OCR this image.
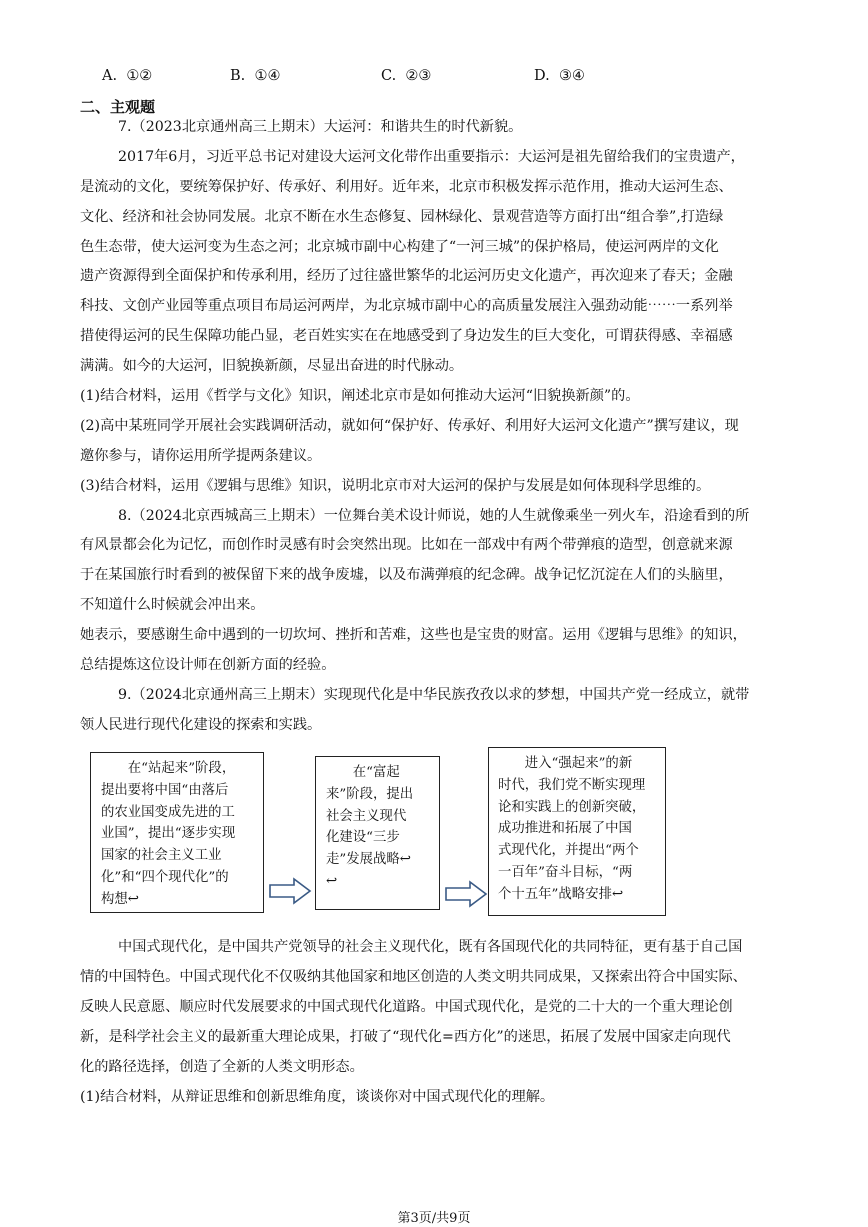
A. ①②	B. ①④	C. ②③	D. ③④
二、主观题
7.（2023北京通州高三上期末）大运河：和谐共生的时代新貌。
2017年6月，习近平总书记对建设大运河文化带作出重要指示：大运河是祖先留给我们的宝贵遗产，
是流动的文化，要统筹保护好、传承好、利用好。近年来，北京市积极发挥示范作用，推动大运河生态、
文化、经济和社会协同发展。北京不断在水生态修复、园林绿化、景观营造等方面打出“组合拳”,打造绿
色生态带，使大运河变为生态之河；北京城市副中心构建了“一河三城”的保护格局，使运河两岸的文化
遗产资源得到全面保护和传承利用，经历了过往盛世繁华的北运河历史文化遗产，再次迎来了春天；金融
科技、文创产业园等重点项目布局运河两岸，为北京城市副中心的高质量发展注入强劲动能⋯⋯一系列举
措使得运河的民生保障功能凸显，老百姓实实在在地感受到了身边发生的巨大变化，可谓获得感、幸福感
满满。如今的大运河，旧貌换新颜，尽显出奋进的时代脉动。
(1)结合材料，运用《哲学与文化》知识，阐述北京市是如何推动大运河“旧貌换新颜”的。
(2)高中某班同学开展社会实践调研活动，就如何“保护好、传承好、利用好大运河文化遗产”撰写建议，现
邀你参与，请你运用所学提两条建议。
(3)结合材料，运用《逻辑与思维》知识，说明北京市对大运河的保护与发展是如何体现科学思维的。
8.（2024北京西城高三上期末）一位舞台美术设计师说，她的人生就像乘坐一列火车，沿途看到的所
有风景都会化为记忆，而创作时灵感有时会突然出现。比如在一部戏中有两个带弹痕的造型，创意就来源
于在某国旅行时看到的被保留下来的战争废墟，以及布满弹痕的纪念碑。战争记忆沉淀在人们的头脑里，
不知道什么时候就会冲出来。
她表示，要感谢生命中遇到的一切坎坷、挫折和苦难，这些也是宝贵的财富。运用《逻辑与思维》的知识，
总结提炼这位设计师在创新方面的经验。
9.（2024北京通州高三上期末）实现现代化是中华民族孜孜以求的梦想，中国共产党一经成立，就带
领人民进行现代化建设的探索和实践。
　　在“站起来”阶段，
提出要将中国“由落后
的农业国变成先进的工
业国”，提出“逐步实现
国家的社会主义工业
化”和“四个现代化”的
构想↩
　　在“富起
来”阶段，提出
社会主义现代
化建设“三步
走”发展战略↩
↩
　　进入“强起来”的新
时代，我们党不断实现理
论和实践上的创新突破，
成功推进和拓展了中国
式现代化，并提出“两个
一百年”奋斗目标，“两
个十五年”战略安排↩
中国式现代化，是中国共产党领导的社会主义现代化，既有各国现代化的共同特征，更有基于自己国
情的中国特色。中国式现代化不仅吸纳其他国家和地区创造的人类文明共同成果，又探索出符合中国实际、
反映人民意愿、顺应时代发展要求的中国式现代化道路。中国式现代化，是党的二十大的一个重大理论创
新，是科学社会主义的最新重大理论成果，打破了“现代化=西方化”的迷思，拓展了发展中国家走向现代
化的路径选择，创造了全新的人类文明形态。
(1)结合材料，从辩证思维和创新思维角度，谈谈你对中国式现代化的理解。
第3页/共9页
